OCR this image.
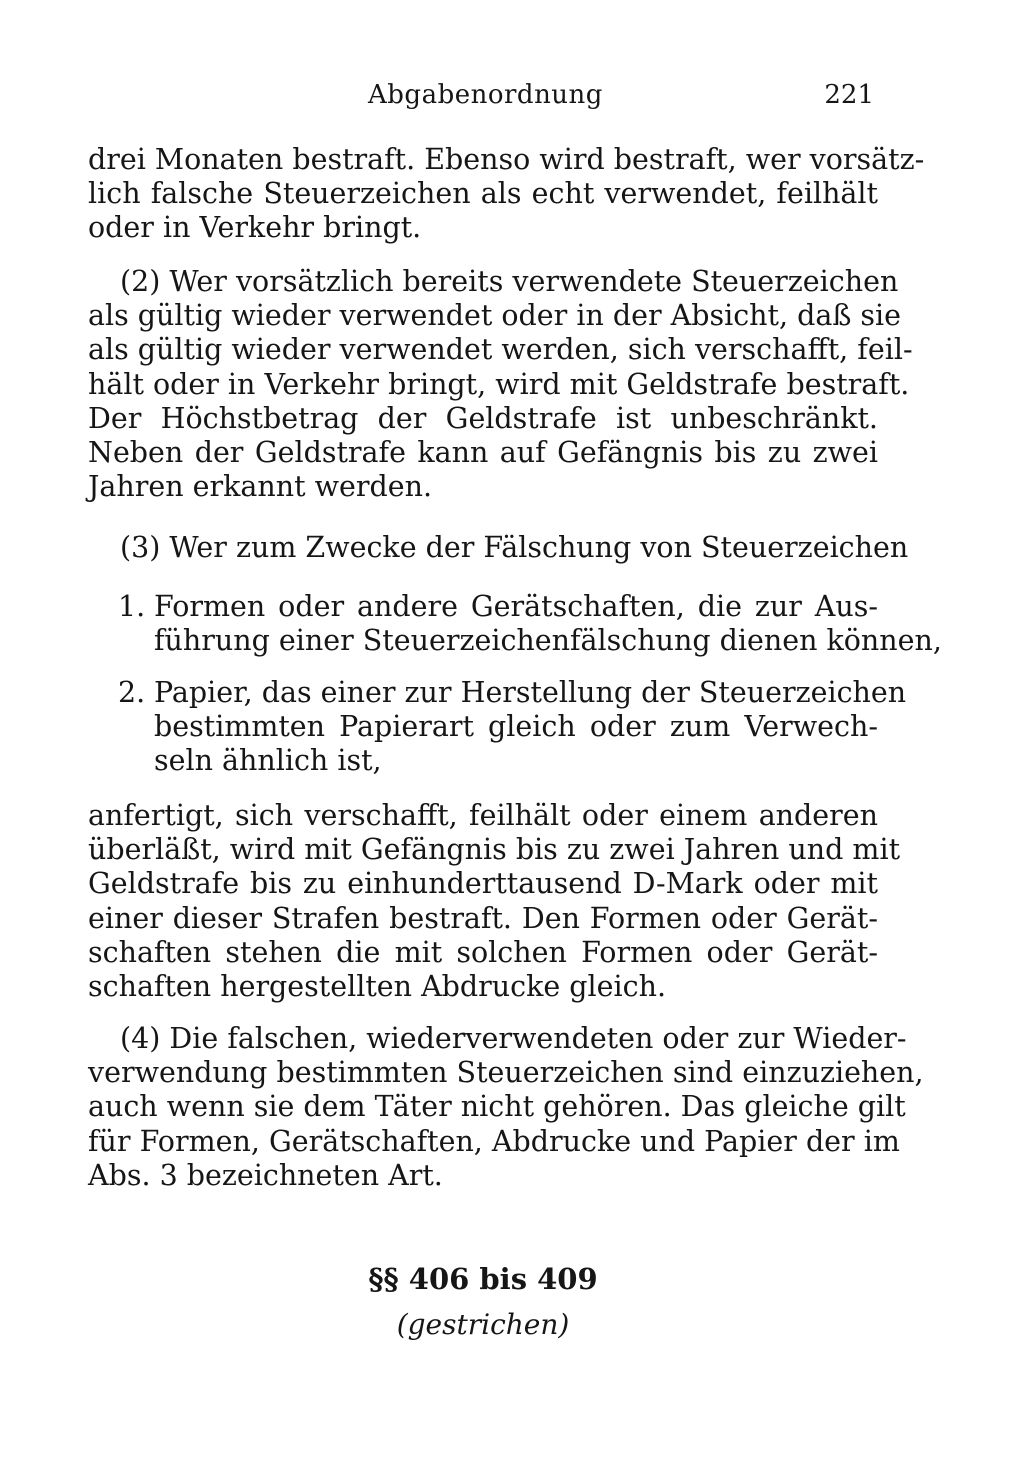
Abgabenordnung	221
drei Monaten bestraft. Ebenso wird bestraft, wer vorsätz-
lich falsche Steuerzeichen als echt verwendet, feilhält
oder in Verkehr bringt.
(2) Wer vorsätzlich bereits verwendete Steuerzeichen
als gültig wieder verwendet oder in der Absicht, daß sie
als gültig wieder verwendet werden, sich verschafft, feil-
hält oder in Verkehr bringt, wird mit Geldstrafe bestraft.
Der Höchstbetrag der Geldstrafe ist unbeschränkt.
Neben der Geldstrafe kann auf Gefängnis bis zu zwei
Jahren erkannt werden.
(3) Wer zum Zwecke der Fälschung von Steuerzeichen
1. Formen oder andere Gerätschaften, die zur Aus-
führung einer Steuerzeichenfälschung dienen können,
2. Papier, das einer zur Herstellung der Steuerzeichen
bestimmten Papierart gleich oder zum Verwech-
seln ähnlich ist,
anfertigt, sich verschafft, feilhält oder einem anderen
überläßt, wird mit Gefängnis bis zu zwei Jahren und mit
Geldstrafe bis zu einhunderttausend D-Mark oder mit
einer dieser Strafen bestraft. Den Formen oder Gerät-
schaften stehen die mit solchen Formen oder Gerät-
schaften hergestellten Abdrucke gleich.
(4) Die falschen, wiederverwendeten oder zur Wieder-
verwendung bestimmten Steuerzeichen sind einzuziehen,
auch wenn sie dem Täter nicht gehören. Das gleiche gilt
für Formen, Gerätschaften, Abdrucke und Papier der im
Abs. 3 bezeichneten Art.
§§ 406 bis 409
(gestrichen)
